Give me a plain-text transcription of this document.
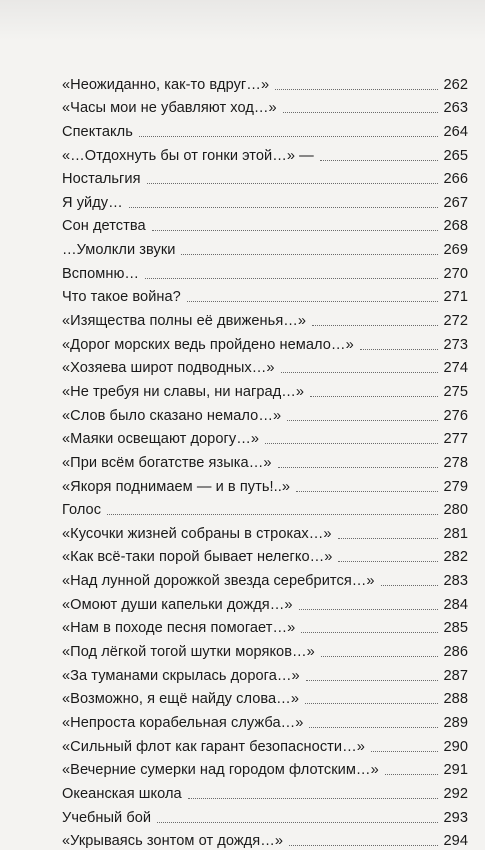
«Неожиданно, как-то вдруг…»	262
«Часы мои не убавляют ход…»	263
Спектакль	264
«…Отдохнуть бы от гонки этой…» —	265
Ностальгия	266
Я уйду…	267
Сон детства	268
…Умолкли звуки	269
Вспомню…	270
Что такое война?	271
«Изящества полны её движенья…»	272
«Дорог морских ведь пройдено немало…»	273
«Хозяева широт подводных…»	274
«Не требуя ни славы, ни наград…»	275
«Слов было сказано немало…»	276
«Маяки освещают дорогу…»	277
«При всём богатстве языка…»	278
«Якоря поднимаем — и в путь!..»	279
Голос	280
«Кусочки жизней собраны в строках…»	281
«Как всё-таки порой бывает нелегко…»	282
«Над лунной дорожкой звезда серебрится…»	283
«Омоют души капельки дождя…»	284
«Нам в походе песня помогает…»	285
«Под лёгкой тогой шутки моряков…»	286
«За туманами скрылась дорога…»	287
«Возможно, я ещё найду слова…»	288
«Непроста корабельная служба…»	289
«Сильный флот как гарант безопасности…»	290
«Вечерние сумерки над городом флотским…»	291
Океанская школа	292
Учебный бой	293
«Укрываясь зонтом от дождя…»	294
